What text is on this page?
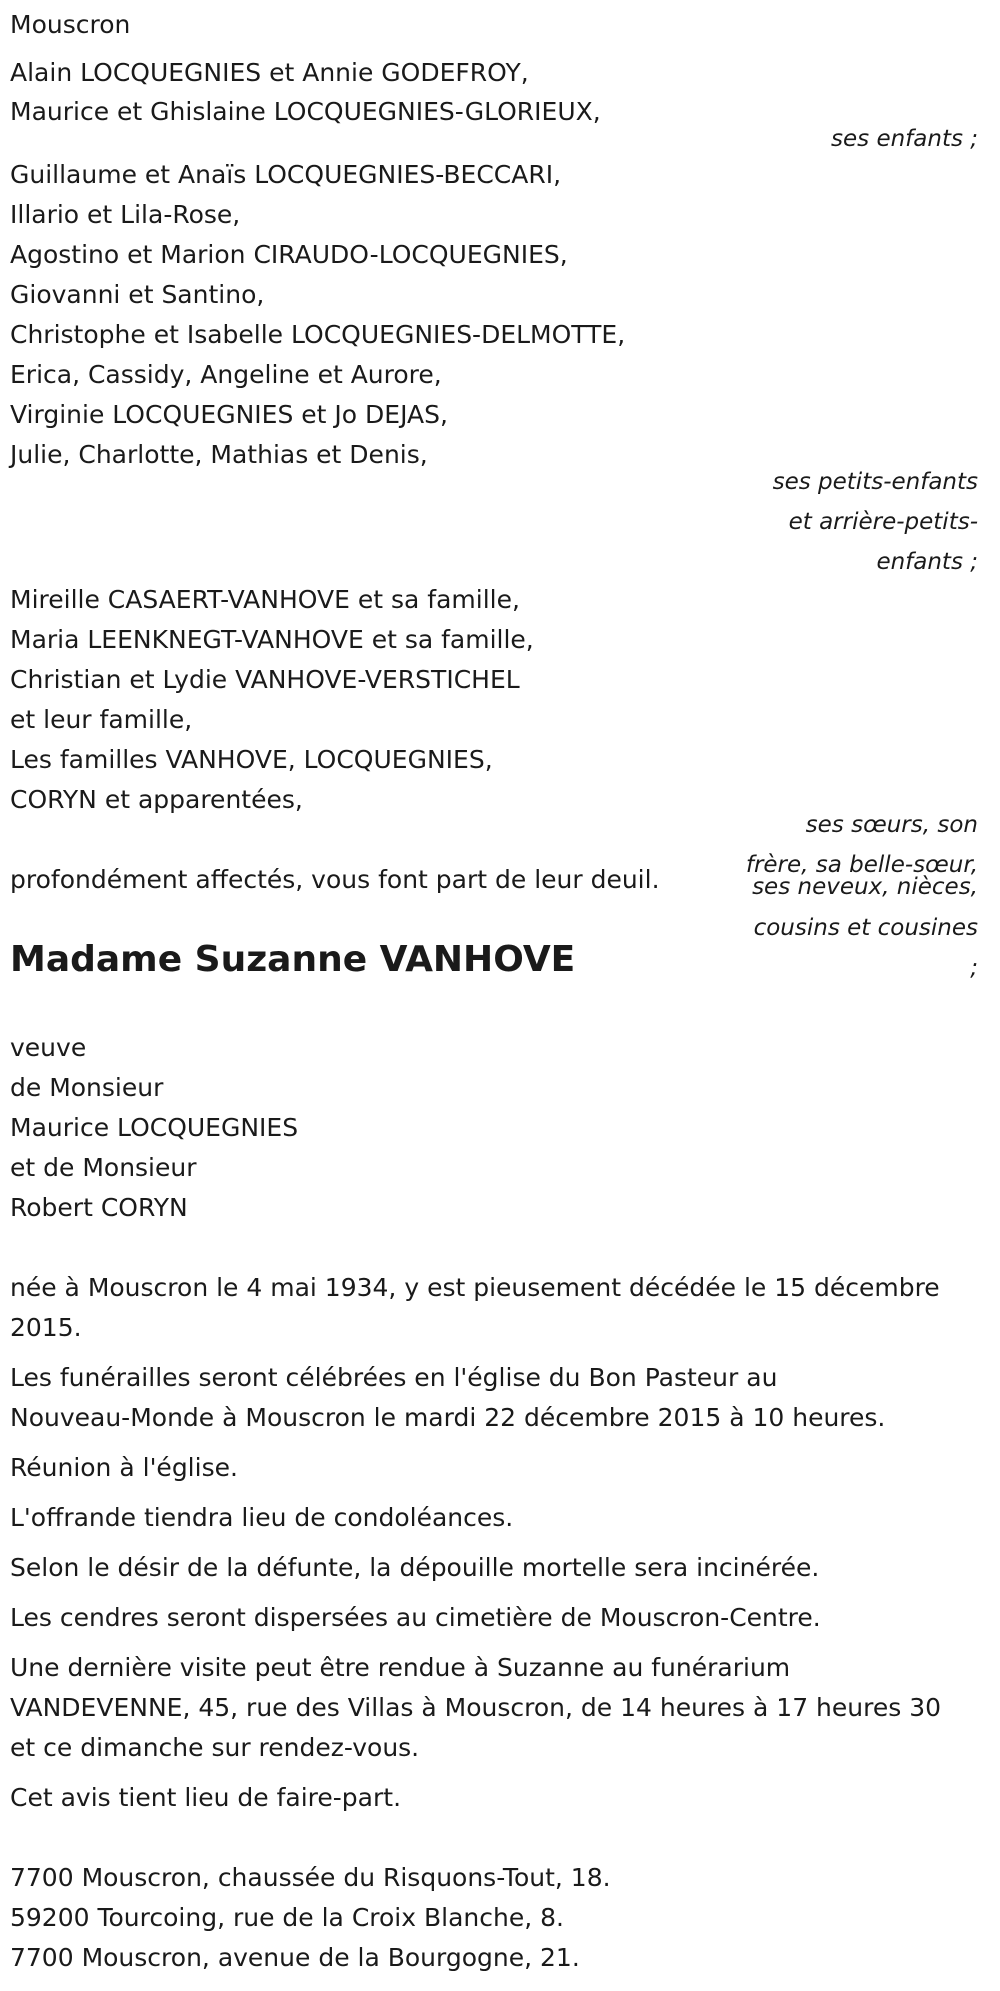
Mouscron
Alain LOCQUEGNIES et Annie GODEFROY,
Maurice et Ghislaine LOCQUEGNIES-GLORIEUX,
ses enfants ;
Guillaume et Anaïs LOCQUEGNIES-BECCARI,
Illario et Lila-Rose,
Agostino et Marion CIRAUDO-LOCQUEGNIES,
Giovanni et Santino,
Christophe et Isabelle LOCQUEGNIES-DELMOTTE,
Erica, Cassidy, Angeline et Aurore,
Virginie LOCQUEGNIES et Jo DEJAS,
Julie, Charlotte, Mathias et Denis,
ses petits-enfants
et arrière-petits-
enfants ;
Mireille CASAERT-VANHOVE et sa famille,
Maria LEENKNEGT-VANHOVE et sa famille,
Christian et Lydie VANHOVE-VERSTICHEL
et leur famille,
Les familles VANHOVE, LOCQUEGNIES,
CORYN et apparentées,
ses sœurs, son
frère, sa belle-sœur,
ses neveux, nièces,
cousins et cousines
;
profondément affectés, vous font part de leur deuil.
Madame Suzanne VANHOVE
veuve
de Monsieur
Maurice LOCQUEGNIES
et de Monsieur
Robert CORYN
née à Mouscron le 4 mai 1934, y est pieusement décédée le 15 décembre
2015.
Les funérailles seront célébrées en l'église du Bon Pasteur au
Nouveau-Monde à Mouscron le mardi 22 décembre 2015 à 10 heures.
Réunion à l'église.
L'offrande tiendra lieu de condoléances.
Selon le désir de la défunte, la dépouille mortelle sera incinérée.
Les cendres seront dispersées au cimetière de Mouscron-Centre.
Une dernière visite peut être rendue à Suzanne au funérarium
VANDEVENNE, 45, rue des Villas à Mouscron, de 14 heures à 17 heures 30
et ce dimanche sur rendez-vous.
Cet avis tient lieu de faire-part.
7700 Mouscron, chaussée du Risquons-Tout, 18.
59200 Tourcoing, rue de la Croix Blanche, 8.
7700 Mouscron, avenue de la Bourgogne, 21.
